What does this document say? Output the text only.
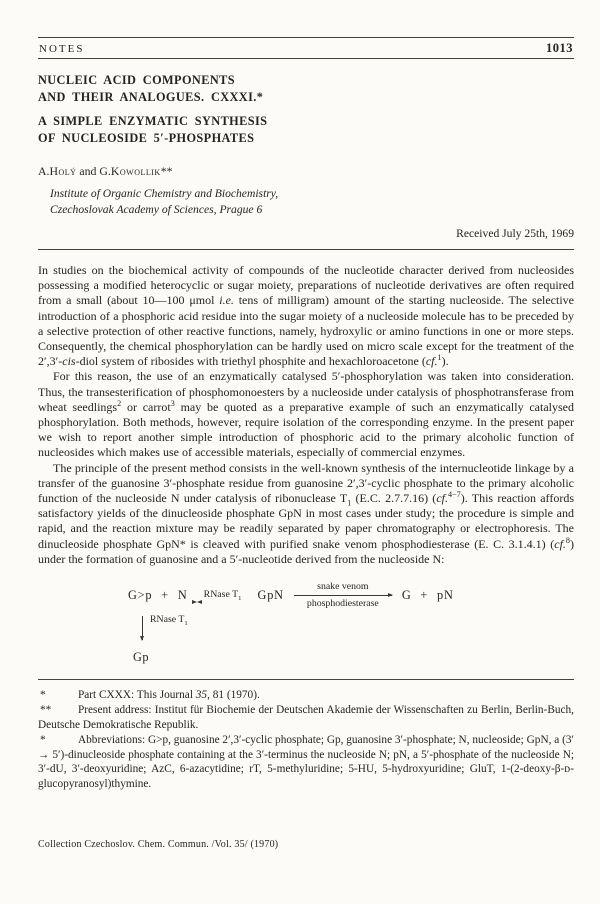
NOTES	1013
NUCLEIC ACID COMPONENTS
AND THEIR ANALOGUES. CXXXI.*
A SIMPLE ENZYMATIC SYNTHESIS
OF NUCLEOSIDE 5′-PHOSPHATES
A.Holý and G.Kowollik**
Institute of Organic Chemistry and Biochemistry,
Czechoslovak Academy of Sciences, Prague 6
Received July 25th, 1969

In studies on the biochemical activity of compounds of the nucleotide character derived from nucleosides possessing a modified heterocyclic or sugar moiety, preparations of nucleotide derivatives are often required from a small (about 10—100 μmol i.e. tens of milligram) amount of the starting nucleoside. The selective introduction of a phosphoric acid residue into the sugar moiety of a nucleoside molecule has to be preceded by a selective protection of other reactive functions, namely, hydroxylic or amino functions in one or more steps. Consequently, the chemical phosphorylation can be hardly used on micro scale except for the treatment of the 2′,3′-cis-diol system of ribosides with triethyl phosphite and hexachloroacetone (cf.$^1$).

For this reason, the use of an enzymatically catalysed 5′-phosphorylation was taken into consideration. Thus, the transesterification of phosphomonoesters by a nucleoside under catalysis of phosphotransferase from wheat seedlings$^2$ or carrot$^3$ may be quoted as a preparative example of such an enzymatically catalysed phosphorylation. Both methods, however, require isolation of the corresponding enzyme. In the present paper we wish to report another simple introduction of phosphoric acid to the primary alcoholic function of nucleosides which makes use of accessible materials, especially of commercial enzymes.

The principle of the present method consists in the well-known synthesis of the internucleotide linkage by a transfer of the guanosine 3′-phosphate residue from guanosine 2′,3′-cyclic phosphate to the primary alcoholic function of the nucleoside N under catalysis of ribonuclease $T_1$ (E.C. 2.7.7.16) (cf.$^{4-7}$). This reaction affords satisfactory yields of the dinucleoside phosphate GpN in most cases under study; the procedure is simple and rapid, and the reaction mixture may be readily separated by paper chromatography or electrophoresis. The dinucleoside phosphate GpN* is cleaved with purified snake venom phosphodiesterase (E. C. 3.1.4.1) (cf.$^8$) under the formation of guanosine and a 5′-nucleotide derived from the nucleoside N:

G>p + N RNase $T_1$ GpN
snake venom
phosphodiesterase
G + pN
RNase $T_1$
Gp

*	Part CXXX: This Journal 35, 81 (1970).

** Present address: Institut für Biochemie der Deutschen Akademie der Wissenschaften zu Berlin, Berlin-Buch, Deutsche Demokratische Republik.

*	Abbreviations: G>p, guanosine 2′,3′-cyclic phosphate; Gp, guanosine 3′-phosphate; N, nucleoside; GpN, a (3′ → 5′)-dinucleoside phosphate containing at the 3′-terminus the nucleoside N; pN, a 5′-phosphate of the nucleoside N; 3′-dU, 3′-deoxyuridine; AzC, 6-azacytidine; rT, 5-methyluridine; 5-HU, 5-hydroxyuridine; GluT, 1-(2-deoxy-β-ᴅ-glucopyranosyl)thymine.

Collection Czechoslov. Chem. Commun. /Vol. 35/ (1970)
